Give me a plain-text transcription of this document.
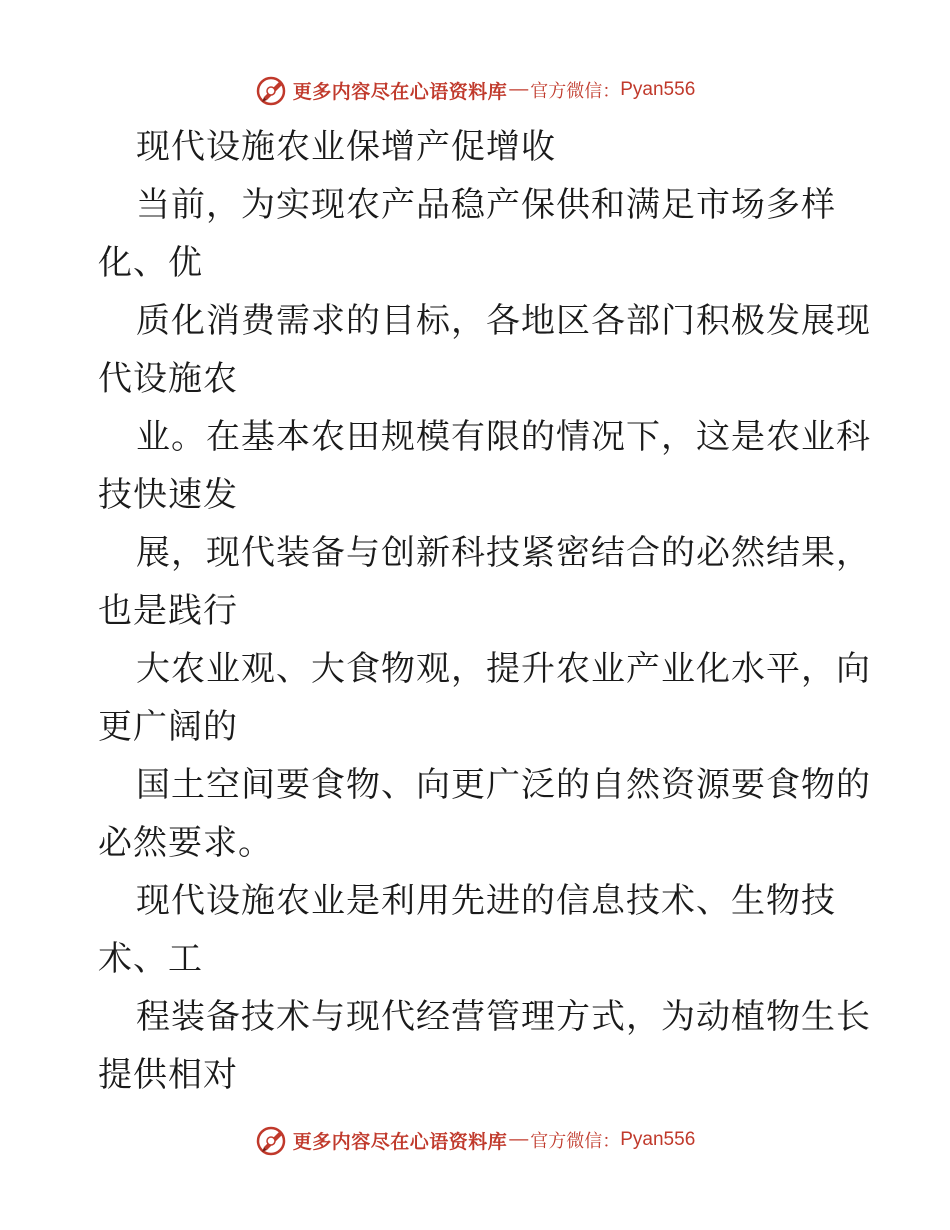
更多内容尽在心语资料库 — 官方微信： Pyan556
现代设施农业保增产促增收
当前，为实现农产品稳产保供和满足市场多样
化、优
质化消费需求的目标，各地区各部门积极发展现
代设施农
业。在基本农田规模有限的情况下，这是农业科
技快速发
展，现代装备与创新科技紧密结合的必然结果，
也是践行
大农业观、大食物观，提升农业产业化水平，向
更广阔的
国土空间要食物、向更广泛的自然资源要食物的
必然要求。
现代设施农业是利用先进的信息技术、生物技
术、工
程装备技术与现代经营管理方式，为动植物生长
提供相对
更多内容尽在心语资料库 — 官方微信： Pyan556
